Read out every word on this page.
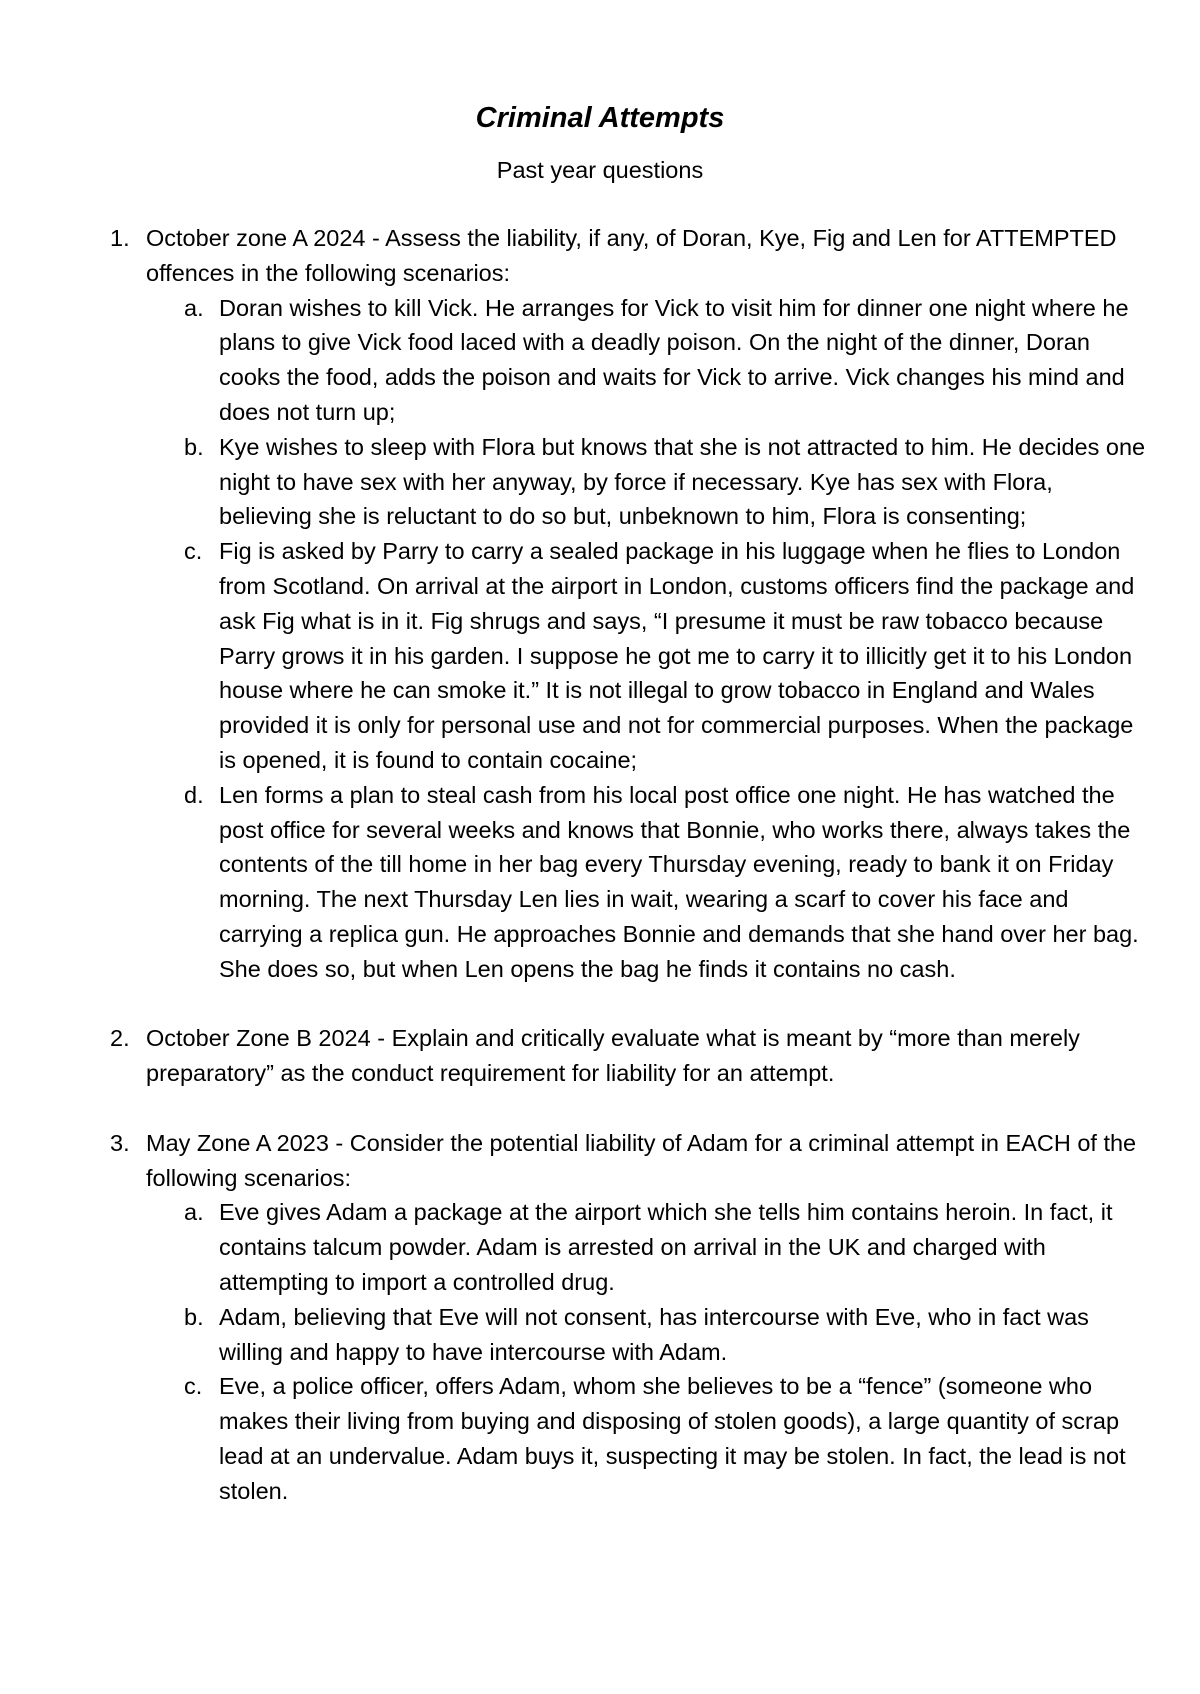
Criminal Attempts

Past year questions

1. October zone A 2024 - Assess the liability, if any, of Doran, Kye, Fig and Len for ATTEMPTED offences in the following scenarios:
a. Doran wishes to kill Vick. He arranges for Vick to visit him for dinner one night where he plans to give Vick food laced with a deadly poison. On the night of the dinner, Doran cooks the food, adds the poison and waits for Vick to arrive. Vick changes his mind and does not turn up;
b. Kye wishes to sleep with Flora but knows that she is not attracted to him. He decides one night to have sex with her anyway, by force if necessary. Kye has sex with Flora, believing she is reluctant to do so but, unbeknown to him, Flora is consenting;
c. Fig is asked by Parry to carry a sealed package in his luggage when he flies to London from Scotland. On arrival at the airport in London, customs officers find the package and ask Fig what is in it. Fig shrugs and says, “I presume it must be raw tobacco because Parry grows it in his garden. I suppose he got me to carry it to illicitly get it to his London house where he can smoke it.” It is not illegal to grow tobacco in England and Wales provided it is only for personal use and not for commercial purposes. When the package is opened, it is found to contain cocaine;
d. Len forms a plan to steal cash from his local post office one night. He has watched the post office for several weeks and knows that Bonnie, who works there, always takes the contents of the till home in her bag every Thursday evening, ready to bank it on Friday morning. The next Thursday Len lies in wait, wearing a scarf to cover his face and carrying a replica gun. He approaches Bonnie and demands that she hand over her bag. She does so, but when Len opens the bag he finds it contains no cash.
2. October Zone B 2024 - Explain and critically evaluate what is meant by “more than merely preparatory” as the conduct requirement for liability for an attempt.
3. May Zone A 2023 - Consider the potential liability of Adam for a criminal attempt in EACH of the following scenarios:
a. Eve gives Adam a package at the airport which she tells him contains heroin. In fact, it contains talcum powder. Adam is arrested on arrival in the UK and charged with attempting to import a controlled drug.
b. Adam, believing that Eve will not consent, has intercourse with Eve, who in fact was willing and happy to have intercourse with Adam.
c. Eve, a police officer, offers Adam, whom she believes to be a “fence” (someone who makes their living from buying and disposing of stolen goods), a large quantity of scrap lead at an undervalue. Adam buys it, suspecting it may be stolen. In fact, the lead is not stolen.
